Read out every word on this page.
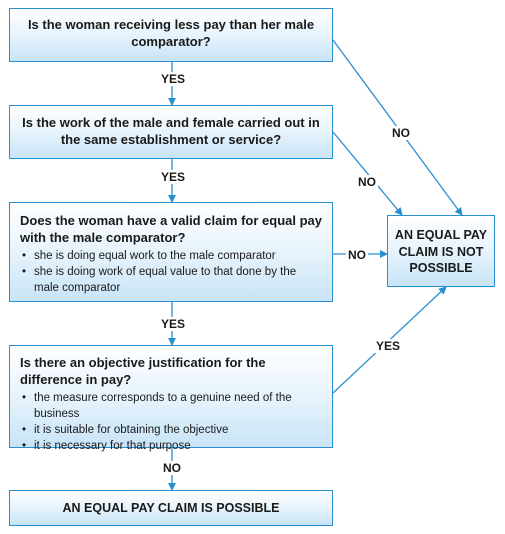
Is the woman receiving less pay than her male comparator?
Is the work of the male and female carried out in the same establishment or service?
Does the woman have a valid claim for equal pay with the male comparator?
• she is doing equal work to the male comparator
• she is doing work of equal value to that done by the male comparator
Is there an objective justification for the difference in pay?
• the measure corresponds to a genuine need of the business
• it is suitable for obtaining the objective
• it is necessary for that purpose
AN EQUAL PAY CLAIM IS NOT POSSIBLE
AN EQUAL PAY CLAIM IS POSSIBLE
YES
YES
YES
NO
NO
NO
NO
YES
